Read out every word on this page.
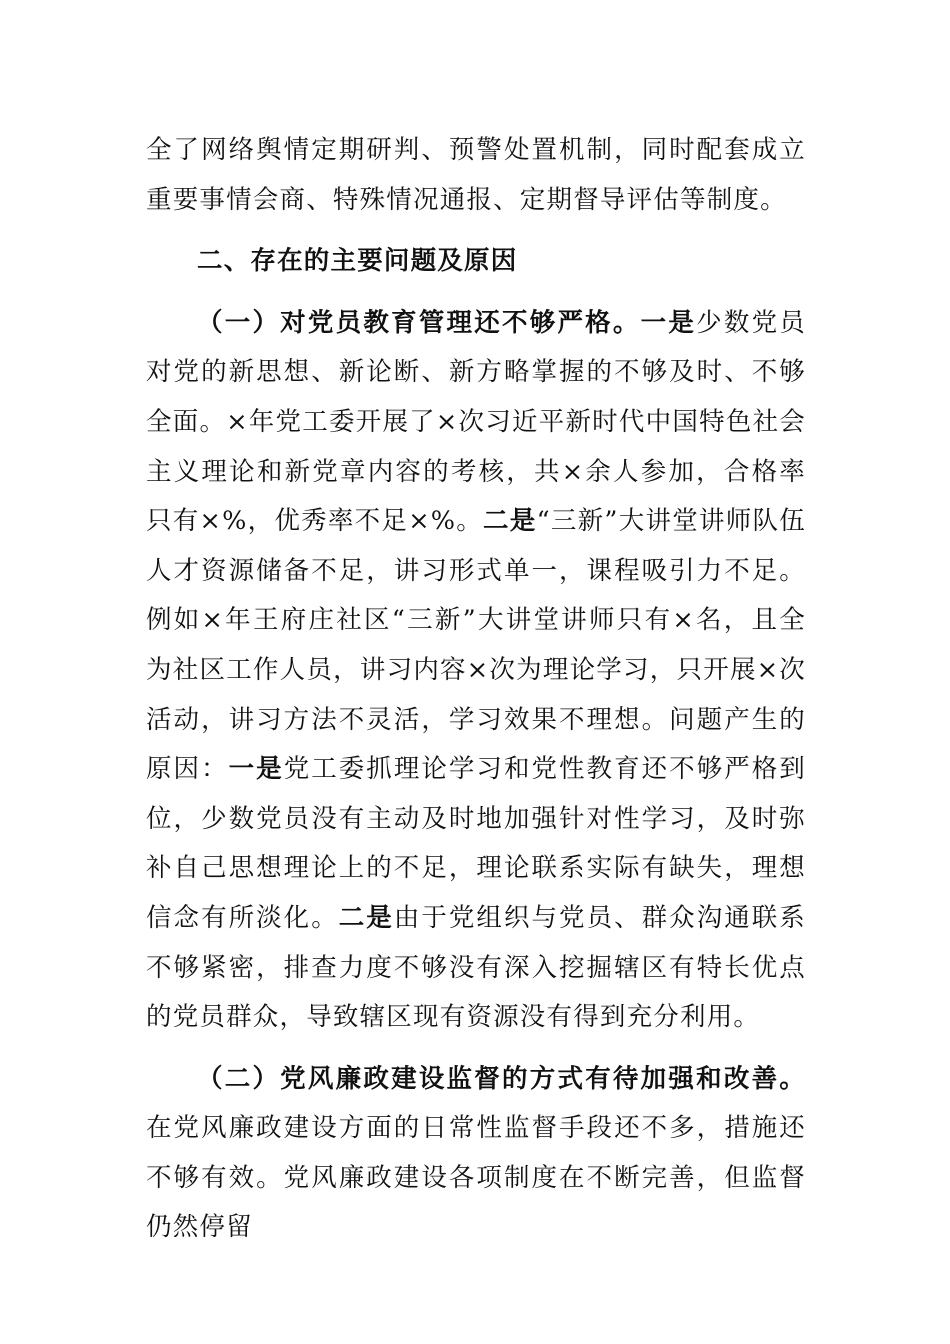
全了网络舆情定期研判、预警处置机制，同时配套成立重要事情会商、特殊情况通报、定期督导评估等制度。

二、存在的主要问题及原因

（一）对党员教育管理还不够严格。一是少数党员对党的新思想、新论断、新方略掌握的不够及时、不够全面。×年党工委开展了×次习近平新时代中国特色社会主义理论和新党章内容的考核，共×余人参加，合格率只有×%，优秀率不足×%。二是“三新”大讲堂讲师队伍人才资源储备不足，讲习形式单一，课程吸引力不足。例如×年王府庄社区“三新”大讲堂讲师只有×名，且全为社区工作人员，讲习内容×次为理论学习，只开展×次活动，讲习方法不灵活，学习效果不理想。问题产生的原因：一是党工委抓理论学习和党性教育还不够严格到位，少数党员没有主动及时地加强针对性学习，及时弥补自己思想理论上的不足，理论联系实际有缺失，理想信念有所淡化。二是由于党组织与党员、群众沟通联系不够紧密，排查力度不够没有深入挖掘辖区有特长优点的党员群众，导致辖区现有资源没有得到充分利用。

（二）党风廉政建设监督的方式有待加强和改善。在党风廉政建设方面的日常性监督手段还不多，措施还不够有效。党风廉政建设各项制度在不断完善，但监督仍然停留
